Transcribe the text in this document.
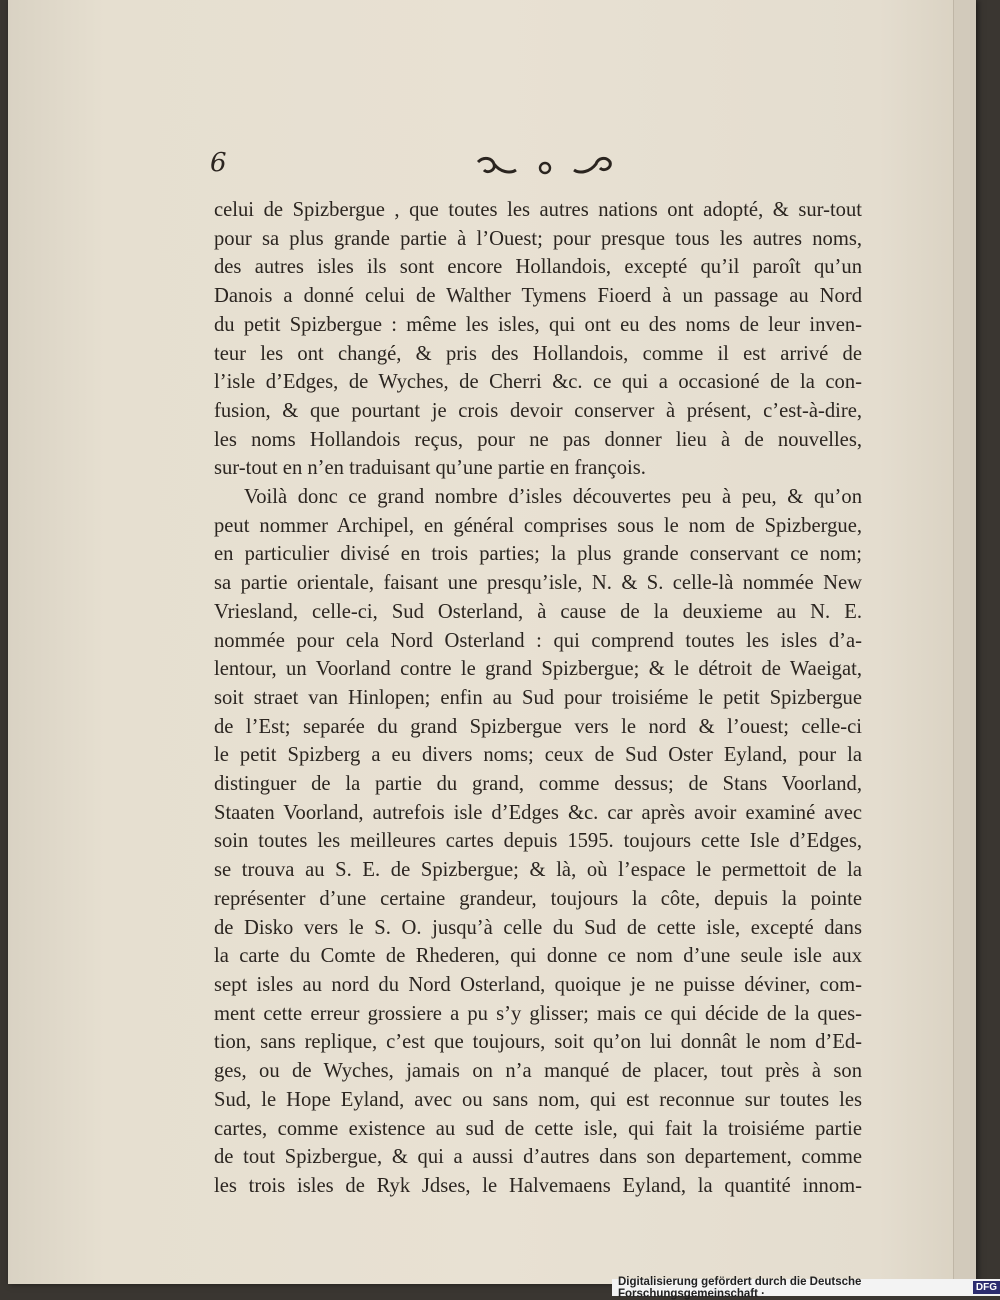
6
celui de Spizbergue , que toutes les autres nations ont adopté, & sur-tout
pour sa plus grande partie à l’Ouest; pour presque tous les autres noms,
des autres isles ils sont encore Hollandois, excepté qu’il paroît qu’un
Danois a donné celui de Walther Tymens Fioerd à un passage au Nord
du petit Spizbergue : même les isles, qui ont eu des noms de leur inven-
teur les ont changé, & pris des Hollandois, comme il est arrivé de
l’isle d’Edges, de Wyches, de Cherri &c. ce qui a occasioné de la con-
fusion, & que pourtant je crois devoir conserver à présent, c’est-à-dire,
les noms Hollandois reçus, pour ne pas donner lieu à de nouvelles,
sur-tout en n’en traduisant qu’une partie en françois.
Voilà donc ce grand nombre d’isles découvertes peu à peu, & qu’on
peut nommer Archipel, en général comprises sous le nom de Spizbergue,
en particulier divisé en trois parties; la plus grande conservant ce nom;
sa partie orientale, faisant une presqu’isle, N. & S. celle-là nommée New
Vriesland, celle-ci, Sud Osterland, à cause de la deuxieme au N. E.
nommée pour cela Nord Osterland : qui comprend toutes les isles d’a-
lentour, un Voorland contre le grand Spizbergue; & le détroit de Waeigat,
soit straet van Hinlopen; enfin au Sud pour troisiéme le petit Spizbergue
de l’Est; separée du grand Spizbergue vers le nord & l’ouest; celle-ci
le petit Spizberg a eu divers noms; ceux de Sud Oster Eyland, pour la
distinguer de la partie du grand, comme dessus; de Stans Voorland,
Staaten Voorland, autrefois isle d’Edges &c. car après avoir examiné avec
soin toutes les meilleures cartes depuis 1595. toujours cette Isle d’Edges,
se trouva au S. E. de Spizbergue; & là, où l’espace le permettoit de la
représenter d’une certaine grandeur, toujours la côte, depuis la pointe
de Disko vers le S. O. jusqu’à celle du Sud de cette isle, excepté dans
la carte du Comte de Rhederen, qui donne ce nom d’une seule isle aux
sept isles au nord du Nord Osterland, quoique je ne puisse déviner, com-
ment cette erreur grossiere a pu s’y glisser; mais ce qui décide de la ques-
tion, sans replique, c’est que toujours, soit qu’on lui donnât le nom d’Ed-
ges, ou de Wyches, jamais on n’a manqué de placer, tout près à son
Sud, le Hope Eyland, avec ou sans nom, qui est reconnue sur toutes les
cartes, comme existence au sud de cette isle, qui fait la troisiéme partie
de tout Spizbergue, & qui a aussi d’autres dans son departement, comme
les trois isles de Ryk Jdses, le Halvemaens Eyland, la quantité innom-
Digitalisierung gefördert durch die Deutsche Forschungsgemeinschaft ·	DFG
